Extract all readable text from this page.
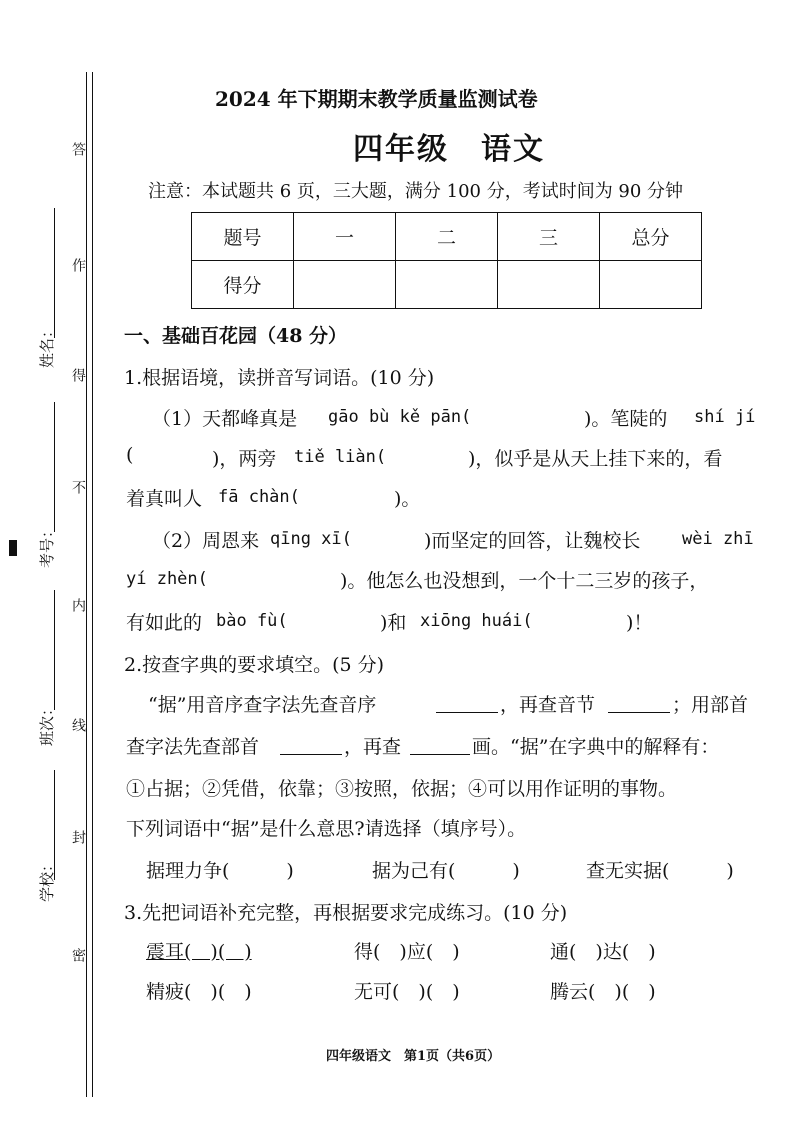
答
作
得
不
内
线
封
密
姓名：
考号：
班次：
学校：
2024 年下期期末教学质量监测试卷
四年级　语文
注意：本试题共 6 页，三大题，满分 100 分，考试时间为 90 分钟
题号	一	二	三	总分
得分				
一、基础百花园（48 分）
1.根据语境，读拼音写词语。(10 分)
（1）天都峰真是 gāo bù kě pān(	)。笔陡的 shí jí
(	)，两旁 tiě liàn(	)，似乎是从天上挂下来的，看
着真叫人 fā chàn(	)。
（2）周恩来 qīng xī(	)而坚定的回答，让魏校长 wèi zhī
yí zhèn(	)。他怎么也没想到，一个十二三岁的孩子，
有如此的 bào fù(	)和 xiōng huái(	)！
2.按查字典的要求填空。(5 分)
“据”用音序查字法先查音序	，再查音节	；用部首
查字法先查部首	，再查	画。“据”在字典中的解释有：
①占据；②凭借，依靠；③按照，依据；④可以用作证明的事物。
下列词语中“据”是什么意思?请选择（填序号）。
据理力争(　　　)	据为己有(　　　)	查无实据(　　　)
3.先把词语补充完整，再根据要求完成练习。(10 分)
震耳(　)(　)	得(　)应(　)	通(　)达(　)
精疲(　)(　)	无可(　)(　)	腾云(　)(　)
四年级语文　第1页（共6页）
